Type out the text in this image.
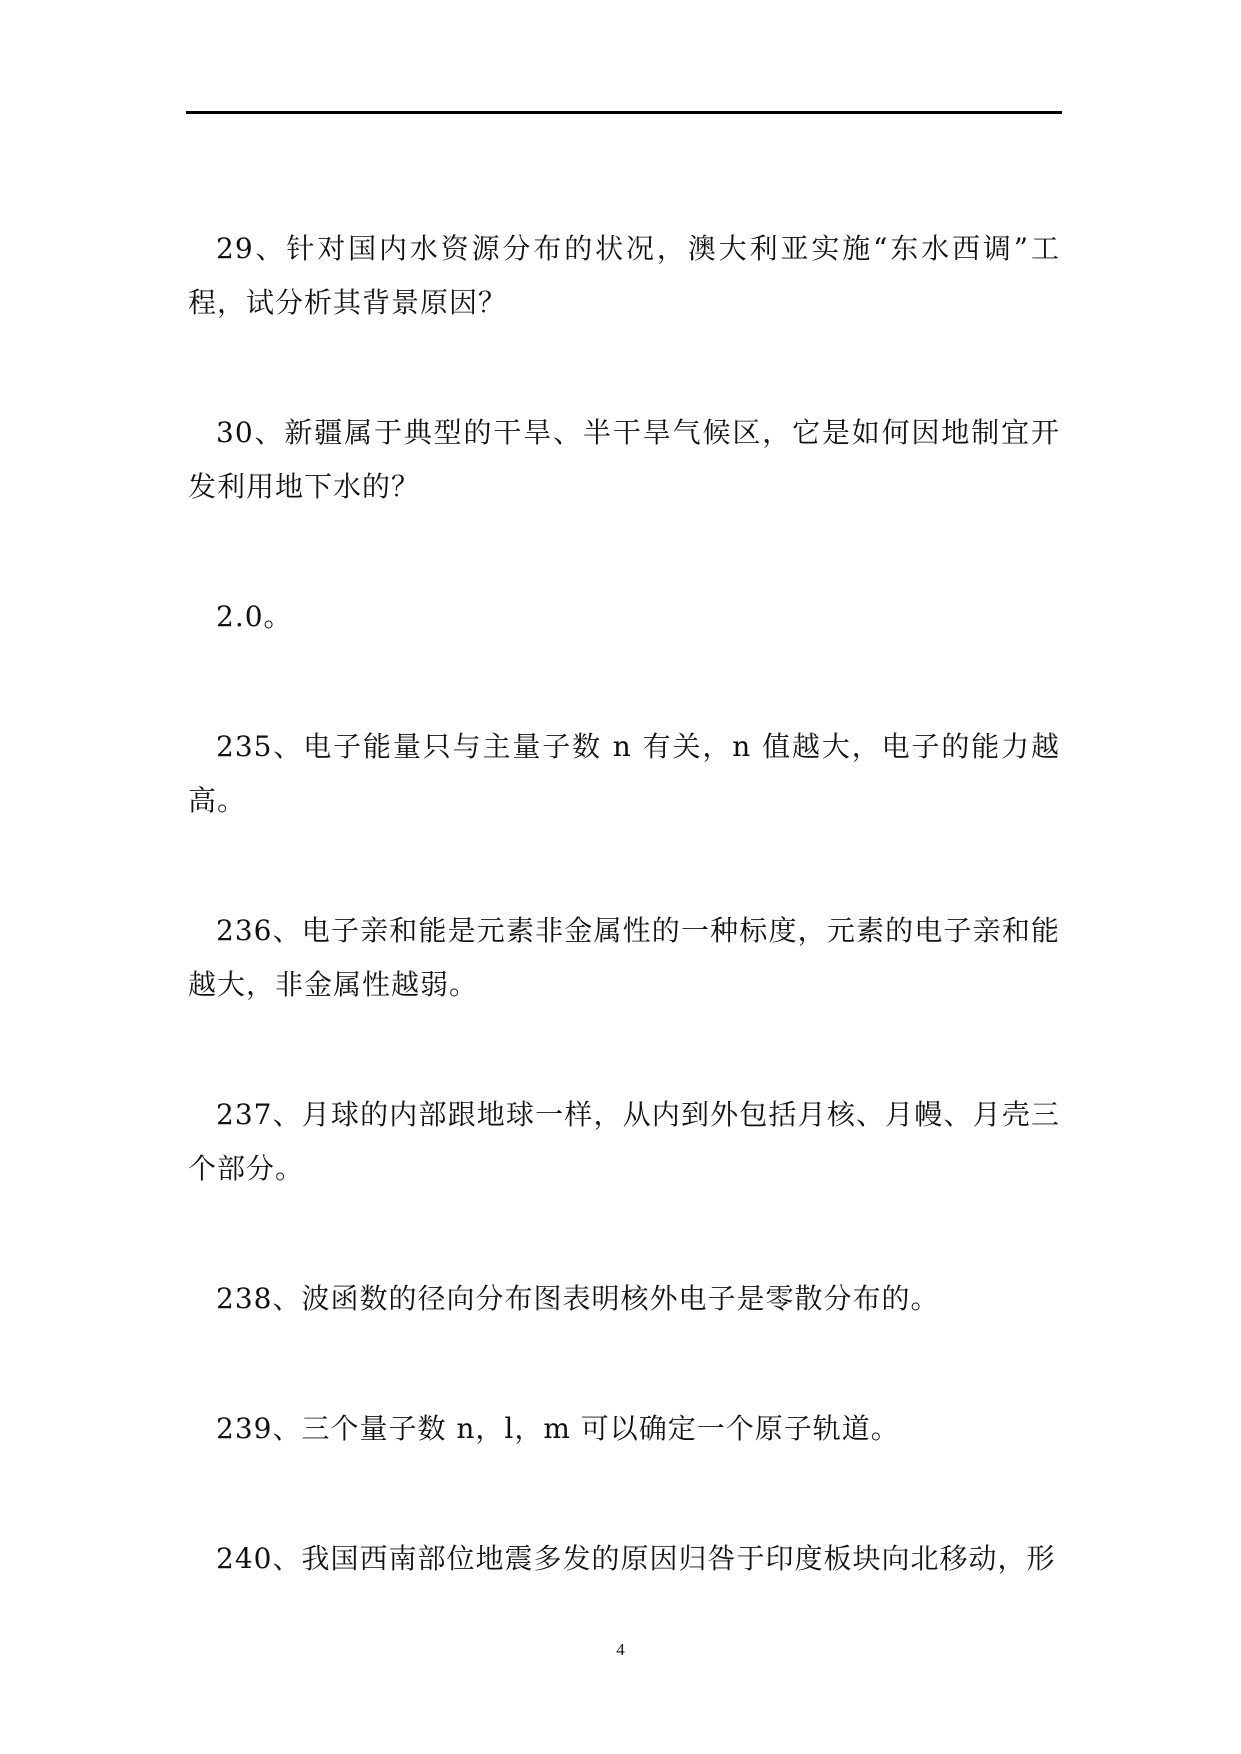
29、针对国内水资源分布的状况，澳大利亚实施“东水西调”工程，试分析其背景原因？

30、新疆属于典型的干旱、半干旱气候区，它是如何因地制宜开发利用地下水的？

2.0。

235、电子能量只与主量子数 n 有关，n 值越大，电子的能力越高。

236、电子亲和能是元素非金属性的一种标度，元素的电子亲和能越大，非金属性越弱。

237、月球的内部跟地球一样，从内到外包括月核、月幔、月壳三个部分。

238、波函数的径向分布图表明核外电子是零散分布的。

239、三个量子数 n，l，m 可以确定一个原子轨道。

240、我国西南部位地震多发的原因归咎于印度板块向北移动，形

4
